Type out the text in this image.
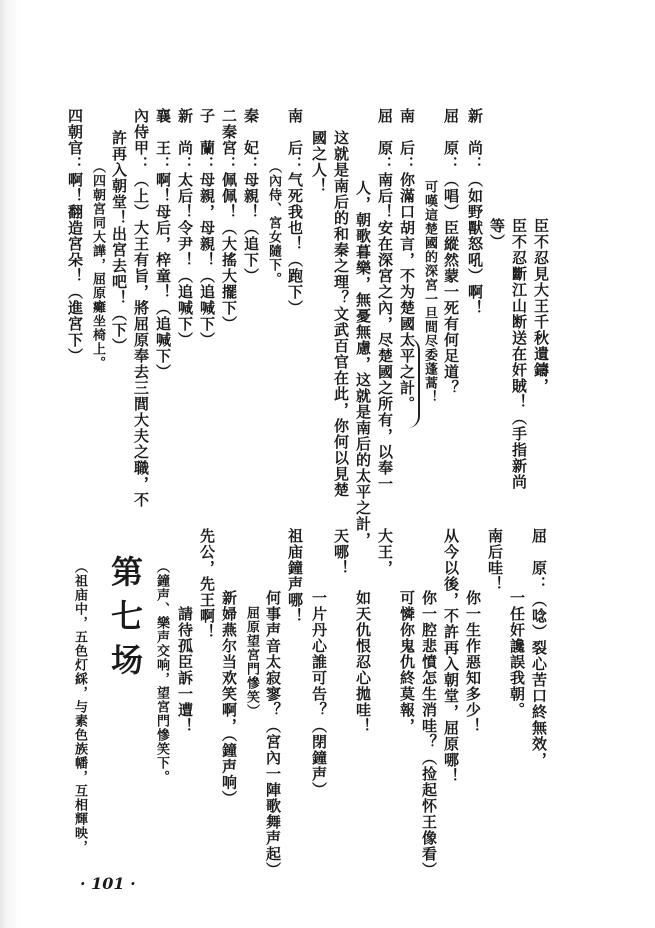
臣不忍見大王千秋遺鑄，
臣不忍斷江山断送在奸賊！（手指新尚
等）
新　尚：（如野獸怒吼）啊！
屈　原：（唱）臣縱然蒙一死有何足道？
可嘆這楚國的深宮一旦間尽委蓬蒿！
南　后：你滿口胡言，不为楚國太平之計。
屈　原：南后！安在深宮之內，尽楚國之所有，以奉一
人，朝歌暮樂，無憂無慮，这就是南后的太平之計，
这就是南后的和秦之理？文武百官在此，你何以見楚
國之人！
南　后：气死我也！（跑下）
（內侍、宮女隨下。
秦　妃：母親！（追下）
二秦宮：佩佩！（大搖大擺下）
子　蘭：母親，母親！（追喊下）
新　尚：太后！令尹！（追喊下）
襄　王：啊！母后，梓童！（追喊下）
內侍甲：（上）大王有旨，將屈原奉去三閭大夫之職，不
許再入朝堂！出宮去吧！（下）
（四朝宮同大譁，屈原癱坐椅上。
四朝官：啊！翻造宮朵！（進宮下）
屈　原：（唸）裂心苦口終無效，
一任奸讒誤我朝。
南后哇！
你一生作惡知多少！
从今以後，不許再入朝堂，屈原哪！
你一腔悲憤怎生消哇？（捡起怀王像看）
可憐你鬼仇終莫報，
大王，
如天仇恨忍心拋哇！
天哪！
一片丹心誰可告？（閉鐘声）
祖庙鐘声哪！
何事声音太寂寥？（宮內一陣歌舞声起）
屈原望宮門慘笑）
新婦燕尔当欢笑啊，（鐘声响）
先公，先王啊！
請待孤臣訴一遭！
（鐘声、樂声交响，望宮門慘笑下。
第七场
（祖庙中，五色灯綵，与素色族幡，互相輝映，
· 101 ·
